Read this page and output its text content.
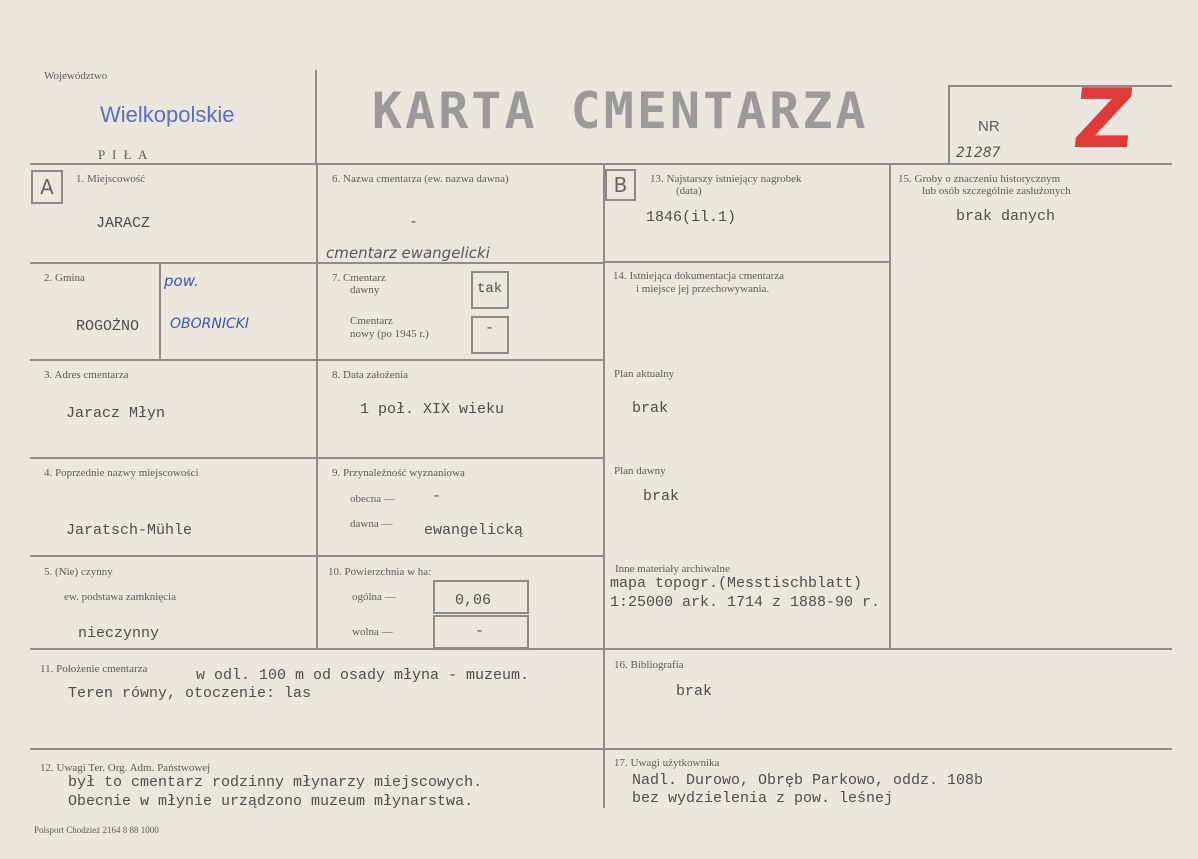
Województwo
Wielkopolskie
P I Ł A
KARTA CMENTARZA	NR
21287 Z
A	1. Miejscowość
JARACZ
2. Gmina	pow.
ROGOŻNO OBORNICKI
3. Adres cmentarza
Jaracz Młyn
4. Poprzednie nazwy miejscowości
Jaratsch-Mühle
5. (Nie) czynny
ew. podstawa zamknięcia
nieczynny
6. Nazwa cmentarza (ew. nazwa dawna)
-
cmentarz ewangelicki
7. Cmentarz
dawny	tak
Cmentarz
nowy (po 1945 r.)	-
8. Data założenia
1 poł. XIX wieku
9. Przynależność wyznaniowa
obecna — -
dawna — ewangelicką
10. Powierzchnia w ha:
ogólna —	0,06
wolna —	-
B	13. Najstarszy istniejący nagrobek
(data)
1846(il.1)
14. Istniejąca dokumentacja cmentarza
i miejsce jej przechowywania.
Plan aktualny
brak
Plan dawny
brak
Inne materiały archiwalne
mapa topogr.(Messtischblatt)
1:25000 ark. 1714 z 1888-90 r.
15. Groby o znaczeniu historycznym
lub osób szczególnie zasłużonych
brak danych
11. Położenie cmentarza	w odl. 100 m od osady młyna - muzeum.
Teren równy, otoczenie: las
16. Bibliografia
brak
12. Uwagi Ter. Org. Adm. Państwowej
był to cmentarz rodzinny młynarzy miejscowych.
Obecnie w młynie urządzono muzeum młynarstwa.
17. Uwagi użytkownika
Nadl. Durowo, Obręb Parkowo, oddz. 108b
bez wydzielenia z pow. leśnej
Polsport Chodzież 2164 8 88 1000
